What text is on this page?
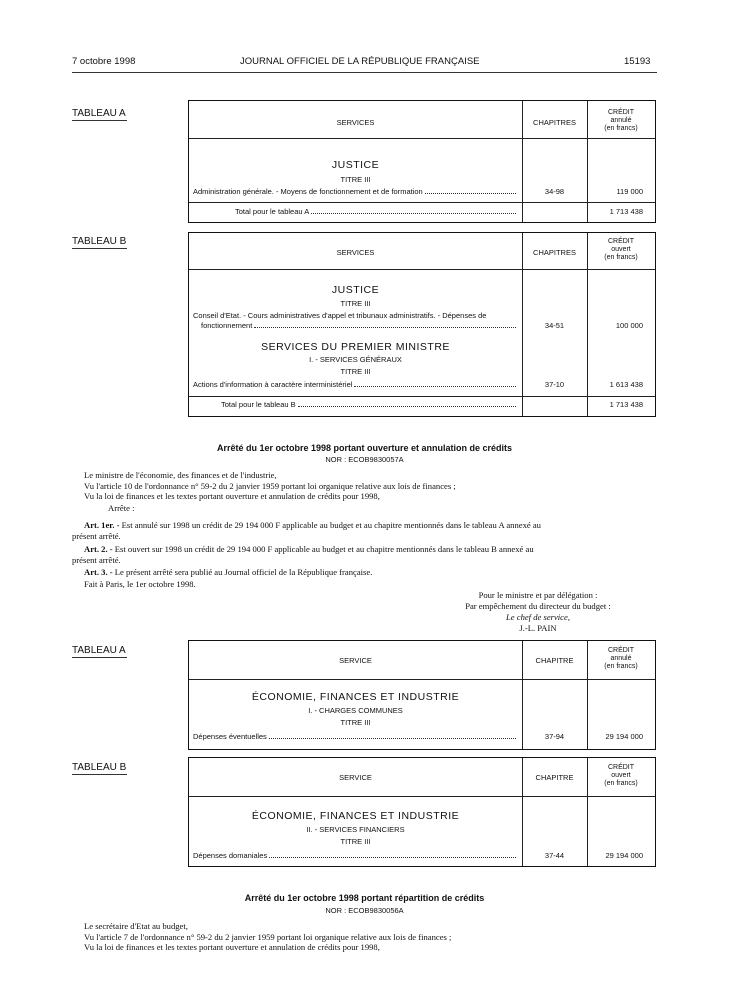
7 octobre 1998	JOURNAL OFFICIEL DE LA RÉPUBLIQUE FRANÇAISE	15193
TABLEAU A
SERVICES	CHAPITRES
CRÉDIT
annulé
(en francs)
JUSTICE
TITRE III
Administration générale. - Moyens de fonctionnement et de formation	34-98	119 000
Total pour le tableau A	1 713 438
TABLEAU B
SERVICES	CHAPITRES
CRÉDIT
ouvert
(en francs)
JUSTICE
TITRE III
Conseil d'Etat. - Cours administratives d'appel et tribunaux administratifs. - Dépenses de
fonctionnement	34-51	100 000
SERVICES DU PREMIER MINISTRE
I. - SERVICES GÉNÉRAUX
TITRE III
Actions d'information à caractère interministériel	37-10	1 613 438
Total pour le tableau B	1 713 438
Arrêté du 1er octobre 1998 portant ouverture et annulation de crédits
NOR : ECOB9830057A
Le ministre de l'économie, des finances et de l'industrie,
Vu l'article 10 de l'ordonnance n° 59-2 du 2 janvier 1959 portant loi organique relative aux lois de finances ;
Vu la loi de finances et les textes portant ouverture et annulation de crédits pour 1998,
Arrête :
Art. 1er. - Est annulé sur 1998 un crédit de 29 194 000 F applicable au budget et au chapitre mentionnés dans le tableau A annexé au
présent arrêté.
Art. 2. - Est ouvert sur 1998 un crédit de 29 194 000 F applicable au budget et au chapitre mentionnés dans le tableau B annexé au
présent arrêté.
Art. 3. - Le présent arrêté sera publié au Journal officiel de la République française.
Fait à Paris, le 1er octobre 1998.
Pour le ministre et par délégation :
Par empêchement du directeur du budget :
Le chef de service,
J.-L. PAIN
TABLEAU A
SERVICE	CHAPITRE
CRÉDIT
annulé
(en francs)
ÉCONOMIE, FINANCES ET INDUSTRIE
I. - CHARGES COMMUNES
TITRE III
Dépenses éventuelles	37-94	29 194 000
TABLEAU B
SERVICE	CHAPITRE
CRÉDIT
ouvert
(en francs)
ÉCONOMIE, FINANCES ET INDUSTRIE
II. - SERVICES FINANCIERS
TITRE III
Dépenses domaniales	37-44	29 194 000
Arrêté du 1er octobre 1998 portant répartition de crédits
NOR : ECOB9830056A
Le secrétaire d'Etat au budget,
Vu l'article 7 de l'ordonnance n° 59-2 du 2 janvier 1959 portant loi organique relative aux lois de finances ;
Vu la loi de finances et les textes portant ouverture et annulation de crédits pour 1998,
